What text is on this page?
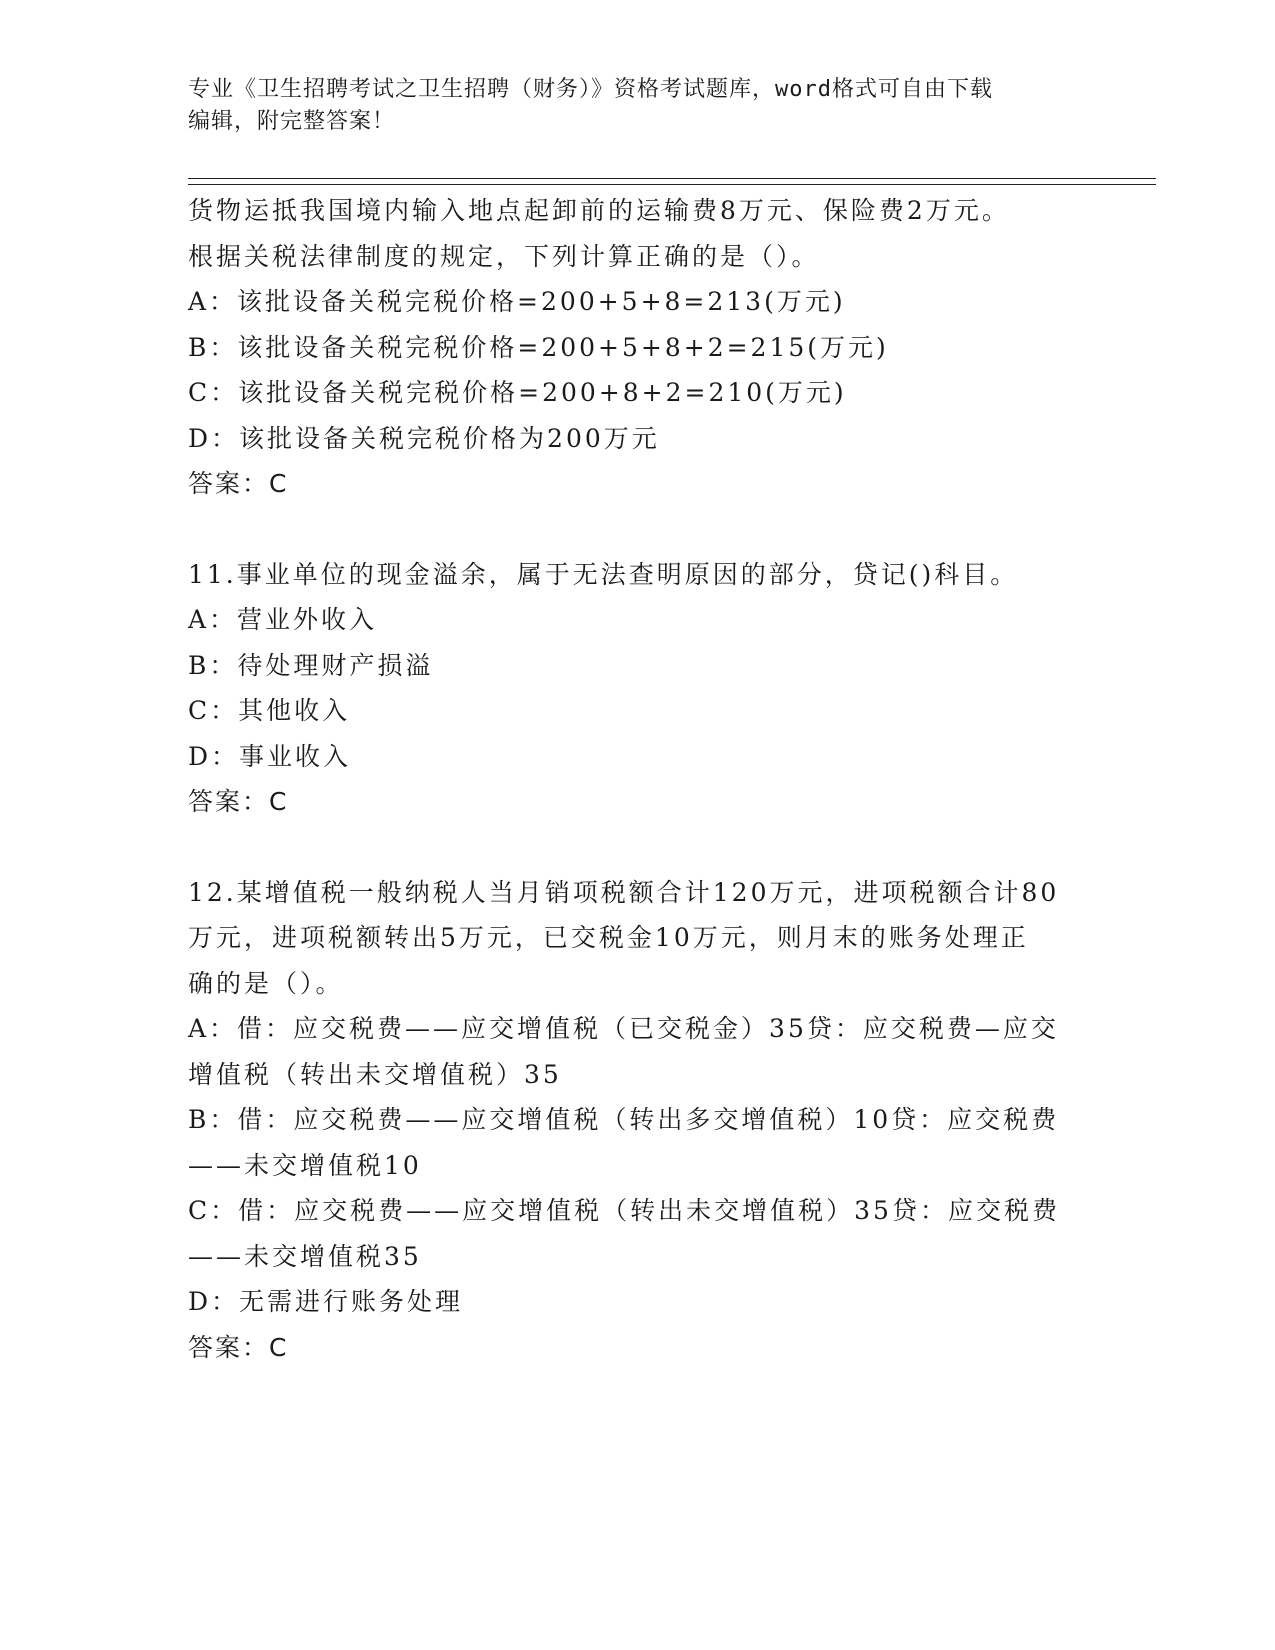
专业《卫生招聘考试之卫生招聘（财务）》资格考试题库，word格式可自由下载
编辑，附完整答案！
货物运抵我国境内输入地点起卸前的运输费8万元、保险费2万元。
根据关税法律制度的规定，下列计算正确的是（）。
A：该批设备关税完税价格=200+5+8=213(万元)
B：该批设备关税完税价格=200+5+8+2=215(万元)
C：该批设备关税完税价格=200+8+2=210(万元)
D：该批设备关税完税价格为200万元
答案：C
11.事业单位的现金溢余，属于无法查明原因的部分，贷记()科目。
A：营业外收入
B：待处理财产损溢
C：其他收入
D：事业收入
答案：C
12.某增值税一般纳税人当月销项税额合计120万元，进项税额合计80
万元，进项税额转出5万元，已交税金10万元，则月末的账务处理正
确的是（）。
A：借：应交税费——应交增值税（已交税金）35贷：应交税费—应交
增值税（转出未交增值税）35
B：借：应交税费——应交增值税（转出多交增值税）10贷：应交税费
——未交增值税10
C：借：应交税费——应交增值税（转出未交增值税）35贷：应交税费
——未交增值税35
D：无需进行账务处理
答案：C
